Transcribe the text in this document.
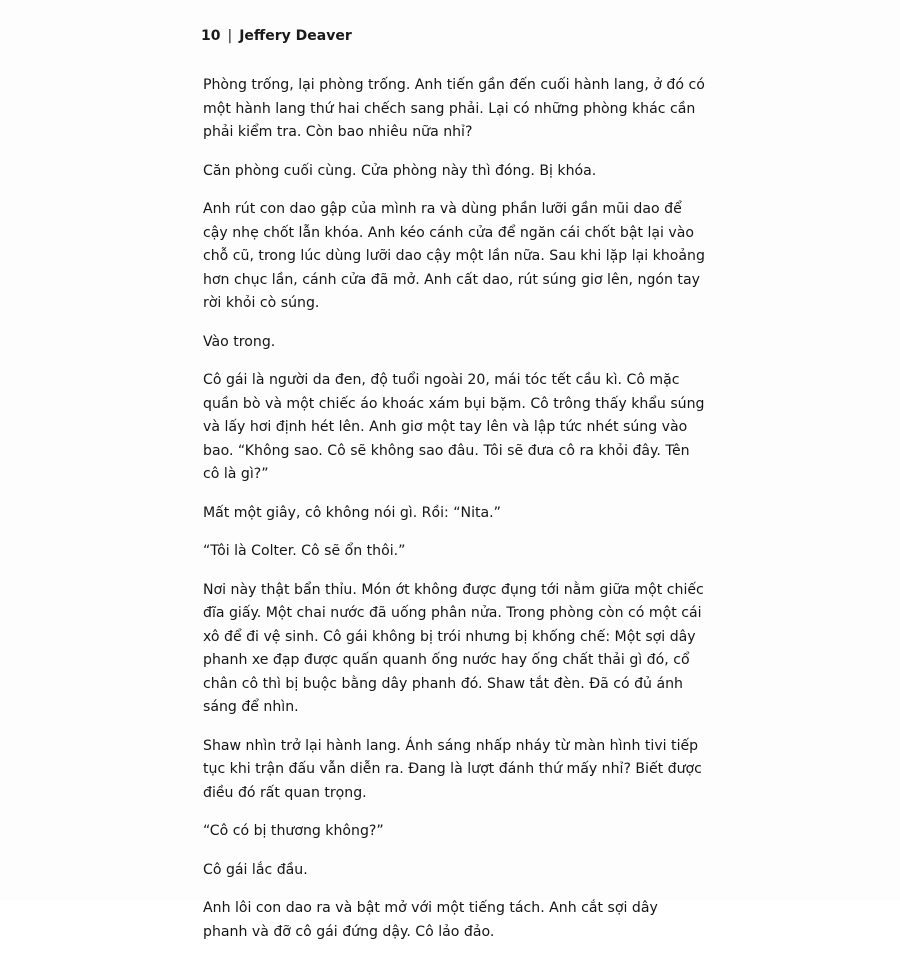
10 | Jeffery Deaver

Phòng trống, lại phòng trống. Anh tiến gần đến cuối hành lang, ở đó có một hành lang thứ hai chếch sang phải. Lại có những phòng khác cần phải kiểm tra. Còn bao nhiêu nữa nhỉ?

Căn phòng cuối cùng. Cửa phòng này thì đóng. Bị khóa.

Anh rút con dao gập của mình ra và dùng phần lưỡi gần mũi dao để cậy nhẹ chốt lẫn khóa. Anh kéo cánh cửa để ngăn cái chốt bật lại vào chỗ cũ, trong lúc dùng lưỡi dao cậy một lần nữa. Sau khi lặp lại khoảng hơn chục lần, cánh cửa đã mở. Anh cất dao, rút súng giơ lên, ngón tay rời khỏi cò súng.

Vào trong.

Cô gái là người da đen, độ tuổi ngoài 20, mái tóc tết cầu kì. Cô mặc quần bò và một chiếc áo khoác xám bụi bặm. Cô trông thấy khẩu súng và lấy hơi định hét lên. Anh giơ một tay lên và lập tức nhét súng vào bao. “Không sao. Cô sẽ không sao đâu. Tôi sẽ đưa cô ra khỏi đây. Tên cô là gì?”

Mất một giây, cô không nói gì. Rồi: “Nita.”

“Tôi là Colter. Cô sẽ ổn thôi.”

Nơi này thật bẩn thỉu. Món ớt không được đụng tới nằm giữa một chiếc đĩa giấy. Một chai nước đã uống phân nửa. Trong phòng còn có một cái xô để đi vệ sinh. Cô gái không bị trói nhưng bị khống chế: Một sợi dây phanh xe đạp được quấn quanh ống nước hay ống chất thải gì đó, cổ chân cô thì bị buộc bằng dây phanh đó. Shaw tắt đèn. Đã có đủ ánh sáng để nhìn.

Shaw nhìn trở lại hành lang. Ánh sáng nhấp nháy từ màn hình tivi tiếp tục khi trận đấu vẫn diễn ra. Đang là lượt đánh thứ mấy nhỉ? Biết được điều đó rất quan trọng.

“Cô có bị thương không?”

Cô gái lắc đầu.

Anh lôi con dao ra và bật mở với một tiếng tách. Anh cắt sợi dây phanh và đỡ cô gái đứng dậy. Cô lảo đảo.
